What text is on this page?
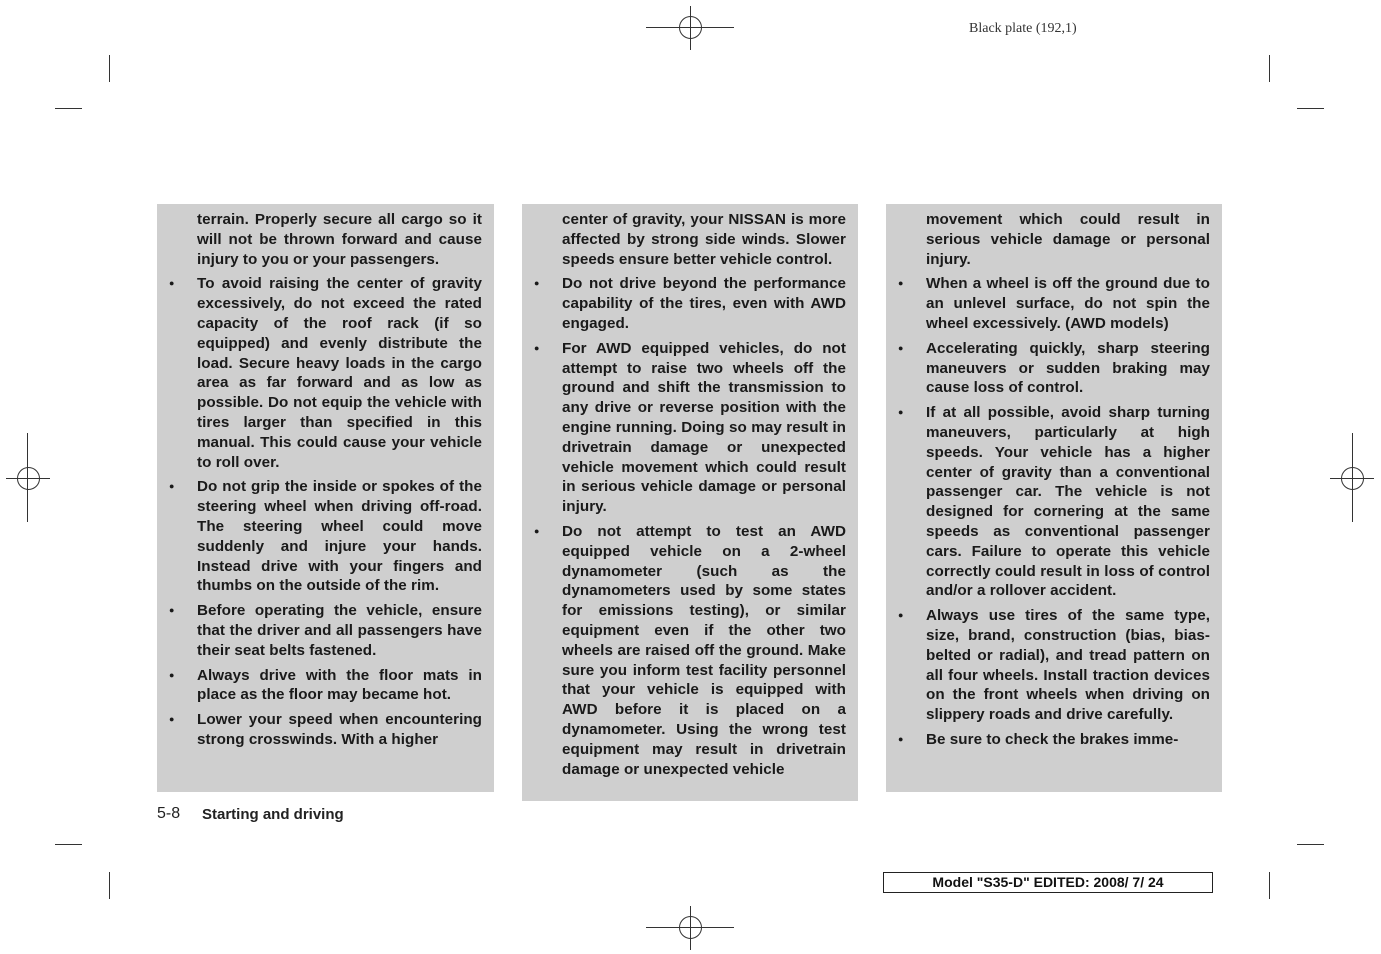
Black plate (192,1)

terrain. Properly secure all cargo so it will not be thrown forward and cause injury to you or your passengers.

● To avoid raising the center of gravity excessively, do not exceed the rated capacity of the roof rack (if so equipped) and evenly distribute the load. Secure heavy loads in the cargo area as far forward and as low as possible. Do not equip the vehicle with tires larger than specified in this manual. This could cause your vehicle to roll over.

● Do not grip the inside or spokes of the steering wheel when driving off-road. The steering wheel could move suddenly and injure your hands. Instead drive with your fingers and thumbs on the outside of the rim.

● Before operating the vehicle, ensure that the driver and all passengers have their seat belts fastened.

● Always drive with the floor mats in place as the floor may became hot.

● Lower your speed when encountering strong crosswinds. With a higher

center of gravity, your NISSAN is more affected by strong side winds. Slower speeds ensure better vehicle control.

● Do not drive beyond the performance capability of the tires, even with AWD engaged.

● For AWD equipped vehicles, do not attempt to raise two wheels off the ground and shift the transmission to any drive or reverse position with the engine running. Doing so may result in drivetrain damage or unexpected vehicle movement which could result in serious vehicle damage or personal injury.

● Do not attempt to test an AWD equipped vehicle on a 2-wheel dynamometer (such as the dynamometers used by some states for emissions testing), or similar equipment even if the other two wheels are raised off the ground. Make sure you inform test facility personnel that your vehicle is equipped with AWD before it is placed on a dynamometer. Using the wrong test equipment may result in drivetrain damage or unexpected vehicle

movement which could result in serious vehicle damage or personal injury.

● When a wheel is off the ground due to an unlevel surface, do not spin the wheel excessively. (AWD models)

● Accelerating quickly, sharp steering maneuvers or sudden braking may cause loss of control.

● If at all possible, avoid sharp turning maneuvers, particularly at high speeds. Your vehicle has a higher center of gravity than a conventional passenger car. The vehicle is not designed for cornering at the same speeds as conventional passenger cars. Failure to operate this vehicle correctly could result in loss of control and/or a rollover accident.

● Always use tires of the same type, size, brand, construction (bias, bias-belted or radial), and tread pattern on all four wheels. Install traction devices on the front wheels when driving on slippery roads and drive carefully.

● Be sure to check the brakes imme-

5-8 Starting and driving
Model "S35-D" EDITED: 2008/ 7/ 24
